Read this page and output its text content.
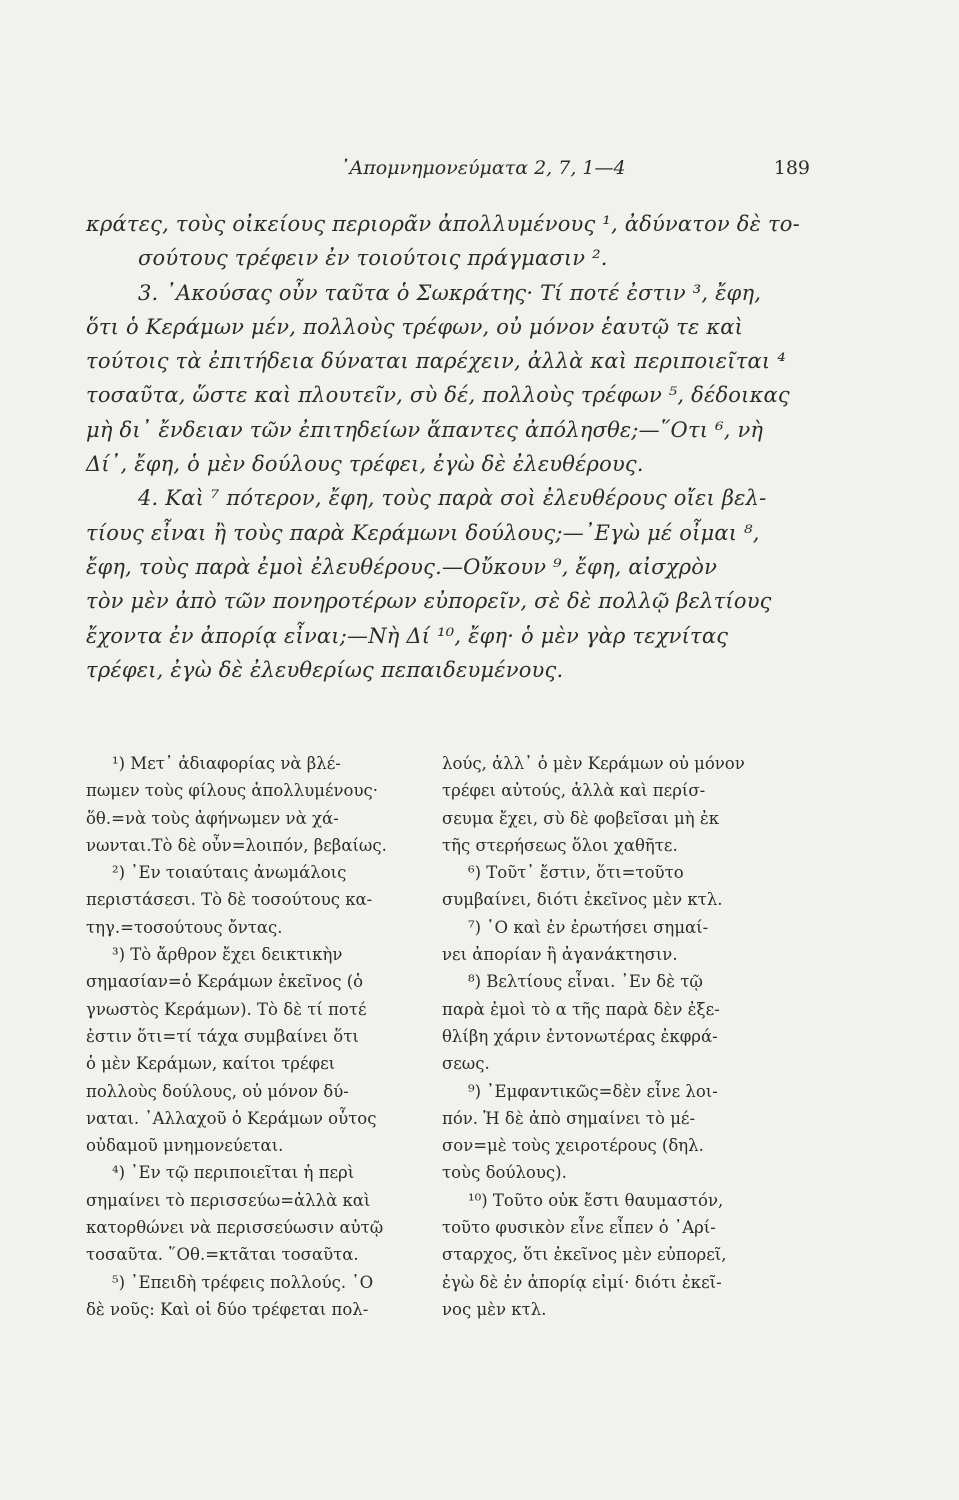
᾽Απομνημονεύματα 2, 7, 1—4	189
κράτες, τοὺς οἰκείους περιορᾶν ἀπολλυμένους ¹, ἀδύνατον δὲ το-
σούτους τρέφειν ἐν τοιούτοις πράγμασιν ².
3. ᾽Ακούσας οὖν ταῦτα ὁ Σωκράτης· Τί ποτέ ἐστιν ³, ἔφη,
ὅτι ὁ Κεράμων μέν, πολλοὺς τρέφων, οὐ μόνον ἑαυτῷ τε καὶ
τούτοις τὰ ἐπιτήδεια δύναται παρέχειν, ἀλλὰ καὶ περιποιεῖται ⁴
τοσαῦτα, ὥστε καὶ πλουτεῖν, σὺ δέ, πολλοὺς τρέφων ⁵, δέδοικας
μὴ δι᾽ ἔνδειαν τῶν ἐπιτηδείων ἅπαντες ἀπόλησθε;—῞Οτι ⁶, νὴ
Δί᾽, ἔφη, ὁ μὲν δούλους τρέφει, ἐγὼ δὲ ἐλευθέρους.
4. Καὶ ⁷ πότερον, ἔφη, τοὺς παρὰ σοὶ ἐλευθέρους οἴει βελ-
τίους εἶναι ἢ τοὺς παρὰ Κεράμωνι δούλους;—᾽Εγὼ μέ οἶμαι ⁸,
ἔφη, τοὺς παρὰ ἐμοὶ ἐλευθέρους.—Οὔκουν ⁹, ἔφη, αἰσχρὸν
τὸν μὲν ἀπὸ τῶν πονηροτέρων εὐπορεῖν, σὲ δὲ πολλῷ βελτίους
ἔχοντα ἐν ἀπορίᾳ εἶναι;—Νὴ Δί ¹⁰, ἔφη· ὁ μὲν γὰρ τεχνίτας
τρέφει, ἐγὼ δὲ ἐλευθερίως πεπαιδευμένους.
¹) Μετ᾽ ἀδιαφορίας νὰ βλέ-
πωμεν τοὺς φίλους ἀπολλυμένους·
ὅθ.=νὰ τοὺς ἀφήνωμεν νὰ χά-
νωνται.Τὸ δὲ οὖν=λοιπόν, βεβαίως.
²) ᾽Εν τοιαύταις ἀνωμάλοις
περιστάσεσι. Τὸ δὲ τοσούτους κα-
τηγ.=τοσούτους ὄντας.
³) Τὸ ἄρθρον ἔχει δεικτικὴν
σημασίαν=ὁ Κεράμων ἐκεῖνος (ὁ
γνωστὸς Κεράμων). Τὸ δὲ τί ποτέ
ἐστιν ὅτι=τί τάχα συμβαίνει ὅτι
ὁ μὲν Κεράμων, καίτοι τρέφει
πολλοὺς δούλους, οὐ μόνον δύ-
ναται. ᾽Αλλαχοῦ ὁ Κεράμων οὗτος
οὐδαμοῦ μνημονεύεται.
⁴) ᾽Εν τῷ περιποιεῖται ἡ περὶ
σημαίνει τὸ περισσεύω=ἀλλὰ καὶ
κατορθώνει νὰ περισσεύωσιν αὐτῷ
τοσαῦτα. ῞Οθ.=κτᾶται τοσαῦτα.
⁵) ᾽Επειδὴ τρέφεις πολλούς. ῾Ο
δὲ νοῦς: Καὶ οἱ δύο τρέφεται πολ-
λούς, ἀλλ᾽ ὁ μὲν Κεράμων οὐ μόνον
τρέφει αὐτούς, ἀλλὰ καὶ περίσ-
σευμα ἔχει, σὺ δὲ φοβεῖσαι μὴ ἐκ
τῆς στερήσεως ὅλοι χαθῆτε.
⁶) Τοῦτ᾽ ἔστιν, ὅτι=τοῦτο
συμβαίνει, διότι ἐκεῖνος μὲν κτλ.
⁷) ῾Ο καὶ ἐν ἐρωτήσει σημαί-
νει ἀπορίαν ἢ ἀγανάκτησιν.
⁸) Βελτίους εἶναι. ᾽Εν δὲ τῷ
παρὰ ἐμοὶ τὸ α τῆς παρὰ δὲν ἐξε-
θλίβη χάριν ἐντονωτέρας ἐκφρά-
σεως.
⁹) ᾽Εμφαντικῶς=δὲν εἶνε λοι-
πόν. Ἡ δὲ ἀπὸ σημαίνει τὸ μέ-
σον=μὲ τοὺς χειροτέρους (δηλ.
τοὺς δούλους).
¹⁰) Τοῦτο οὐκ ἔστι θαυμαστόν,
τοῦτο φυσικὸν εἶνε εἶπεν ὁ ᾽Αρί-
σταρχος, ὅτι ἐκεῖνος μὲν εὐπορεῖ,
ἐγὼ δὲ ἐν ἀπορίᾳ εἰμί· διότι ἐκεῖ-
νος μὲν κτλ.
